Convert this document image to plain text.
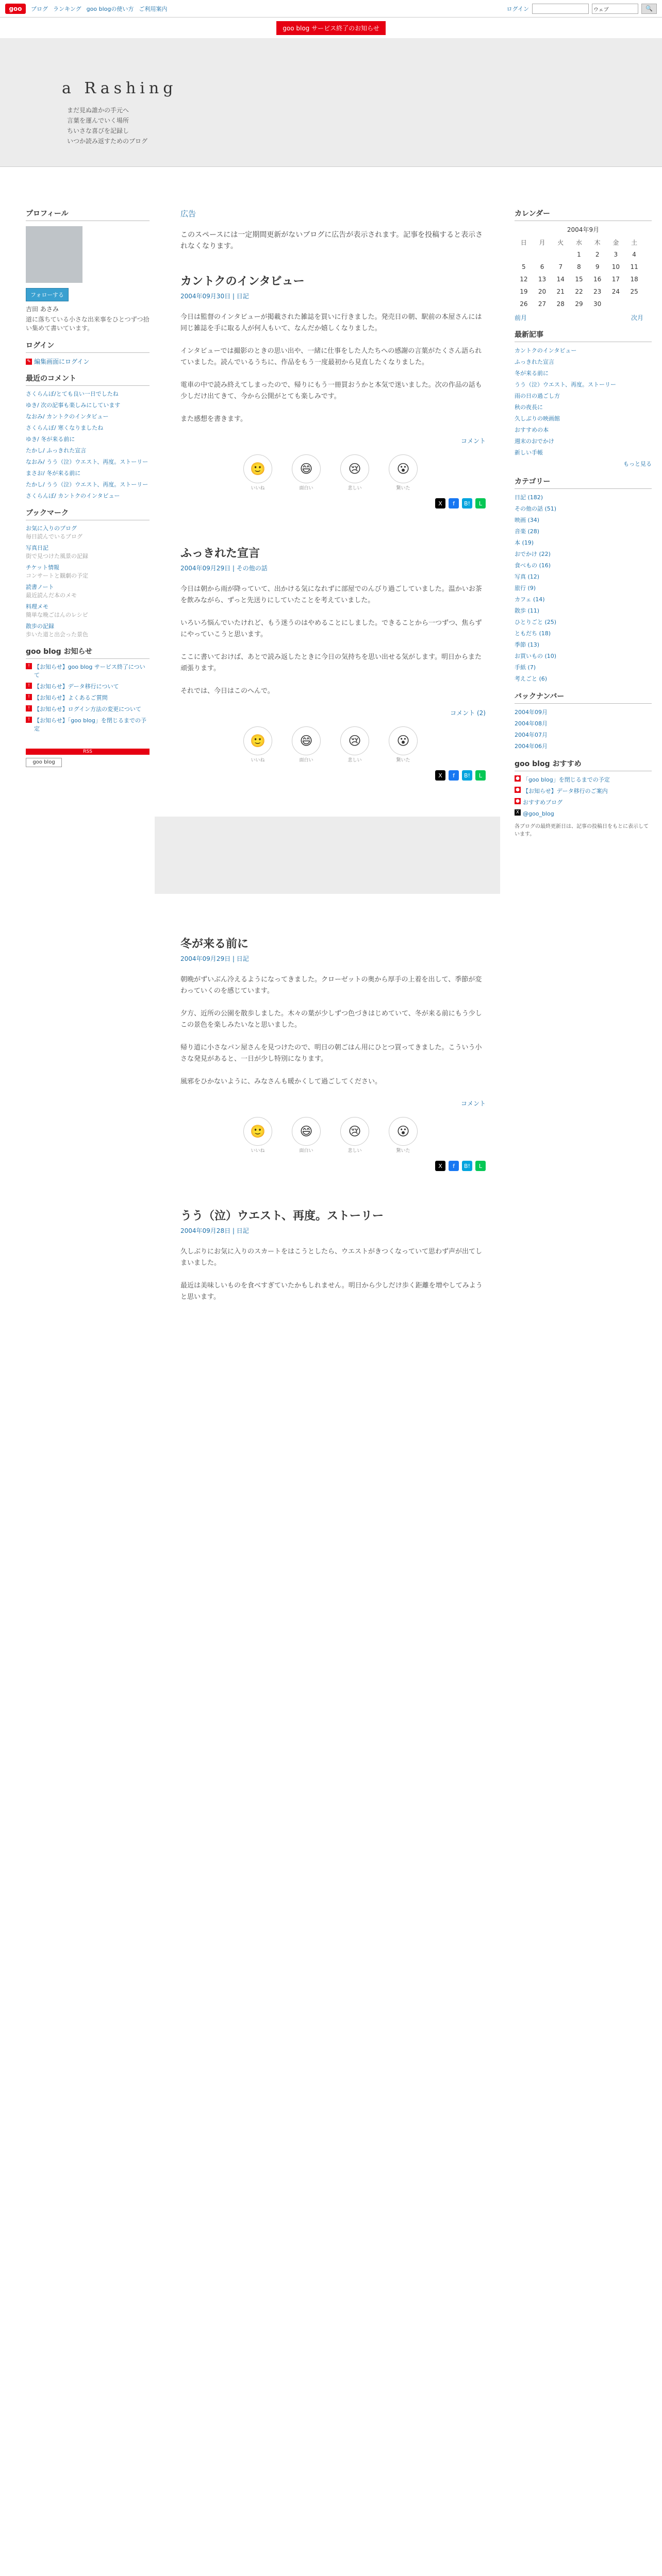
goo	ブログ ランキング goo blogの使い方 ご利用案内	ログイン	ウェブ	🔍
goo blog サービス終了のお知らせ
a Rashing
まだ見ぬ誰かの手元へ
言葉を運んでいく場所
ちいさな喜びを記録し
いつか読み返すためのブログ
プロフィール
フォローする
吉田 あさみ
道に落ちている小さな出来事をひとつずつ拾い集めて書いています。
ログイン
✎ 編集画面にログイン
最近のコメント
さくらんぼ/とても良い一日でしたね
ゆき/ 次の記事も楽しみにしています
なおみ/ カントクのインタビュー
さくらんぼ/ 寒くなりましたね
ゆき/ 冬が来る前に
たかし/ ふっきれた宣言
なおみ/ うう（泣）ウエスト、再度。ストーリー
まさお/ 冬が来る前に
たかし/ うう（泣）ウエスト、再度。ストーリー
さくらんぼ/ カントクのインタビュー
ブックマーク
お気に入りのブログ
毎日読んでいるブログ
写真日記
街で見つけた風景の記録
チケット情報
コンサートと観劇の予定
読書ノート
最近読んだ本のメモ
料理メモ
簡単な晩ごはんのレシピ
散歩の記録
歩いた道と出会った景色
goo blog お知らせ
! 【お知らせ】goo blog サービス終了について
! 【お知らせ】データ移行について
! 【お知らせ】よくあるご質問
! 【お知らせ】ログイン方法の変更について
! 【お知らせ】「goo blog」を閉じるまでの予定
RSS
goo blog
広告
このスペースには一定期間更新がないブログに広告が表示されます。記事を投稿すると表示されなくなります。
カントクのインタビュー
2004年09月30日 | 日記

今日は監督のインタビューが掲載された雑誌を買いに行きました。発売日の朝、駅前の本屋さんには同じ雑誌を手に取る人が何人もいて、なんだか嬉しくなりました。

インタビューでは撮影のときの思い出や、一緒に仕事をした人たちへの感謝の言葉がたくさん語られていました。読んでいるうちに、作品をもう一度最初から見直したくなりました。

電車の中で読み終えてしまったので、帰りにもう一冊買おうかと本気で迷いました。次の作品の話も少しだけ出てきて、今から公開がとても楽しみです。

また感想を書きます。

コメント
🙂
いいね
😄
面白い
😢
悲しい
😮
驚いた
X	f	B!	L
ふっきれた宣言
2004年09月29日 | その他の話

今日は朝から雨が降っていて、出かける気になれずに部屋でのんびり過ごしていました。温かいお茶を飲みながら、ずっと先送りにしていたことを考えていました。

いろいろ悩んでいたけれど、もう迷うのはやめることにしました。できることから一つずつ、焦らずにやっていこうと思います。

ここに書いておけば、あとで読み返したときに今日の気持ちを思い出せる気がします。明日からまた頑張ります。

それでは、今日はこのへんで。

コメント (2)
🙂
いいね
😄
面白い
😢
悲しい
😮
驚いた
X	f	B!	L
冬が来る前に
2004年09月29日 | 日記

朝晩がずいぶん冷えるようになってきました。クローゼットの奥から厚手の上着を出して、季節が変わっていくのを感じています。

夕方、近所の公園を散歩しました。木々の葉が少しずつ色づきはじめていて、冬が来る前にもう少しこの景色を楽しみたいなと思いました。

帰り道に小さなパン屋さんを見つけたので、明日の朝ごはん用にひとつ買ってきました。こういう小さな発見があると、一日が少し特別になります。

風邪をひかないように、みなさんも暖かくして過ごしてください。

コメント
🙂
いいね
😄
面白い
😢
悲しい
😮
驚いた
X	f	B!	L
うう（泣）ウエスト、再度。ストーリー
2004年09月28日 | 日記

久しぶりにお気に入りのスカートをはこうとしたら、ウエストがきつくなっていて思わず声が出てしまいました。

最近は美味しいものを食べすぎていたかもしれません。明日から少しだけ歩く距離を増やしてみようと思います。

カレンダー
2004年9月
日	月	火	水	木	金	土
			1	2	3	4
5	6	7	8	9	10	11
12	13	14	15	16	17	18
19	20	21	22	23	24	25
26	27	28	29	30		
前月	次月
最新記事
カントクのインタビュー
ふっきれた宣言
冬が来る前に
うう（泣）ウエスト、再度。ストーリー
雨の日の過ごし方
秋の夜長に
久しぶりの映画館
おすすめの本
週末のおでかけ
新しい手帳
もっと見る
カテゴリー
日記 (182)
その他の話 (51)
映画 (34)
音楽 (28)
本 (19)
おでかけ (22)
食べもの (16)
写真 (12)
旅行 (9)
カフェ (14)
散歩 (11)
ひとりごと (25)
ともだち (18)
季節 (13)
お買いもの (10)
手紙 (7)
考えごと (6)
バックナンバー
2004年09月
2004年08月
2004年07月
2004年06月
goo blog おすすめ
● 「goo blog」を閉じるまでの予定
● 【お知らせ】データ移行のご案内
● おすすめブログ
X @goo_blog
各ブログの最終更新日は、記事の投稿日をもとに表示しています。
